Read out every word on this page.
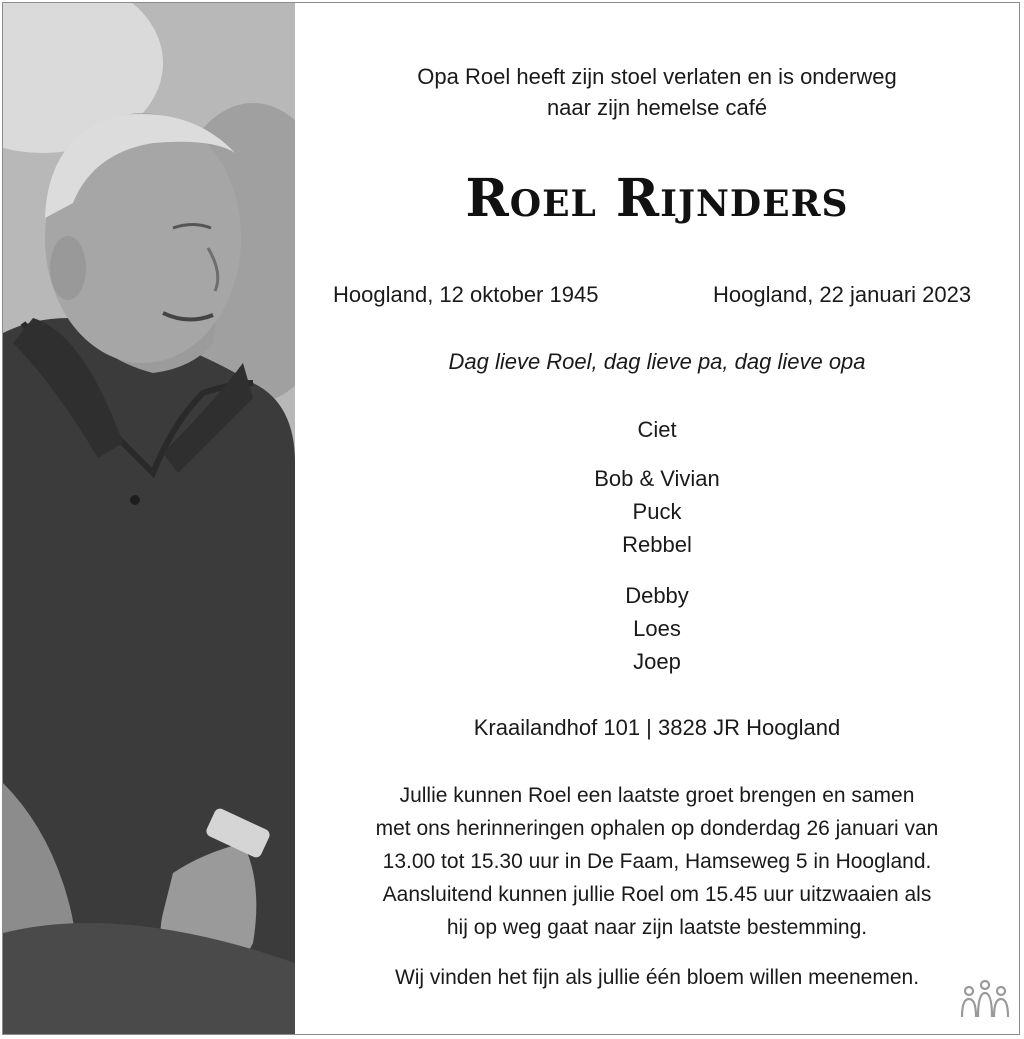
Opa Roel heeft zijn stoel verlaten en is onderweg
naar zijn hemelse café
Roel Rijnders
Hoogland, 12 oktober 1945	Hoogland, 22 januari 2023
Dag lieve Roel, dag lieve pa, dag lieve opa
Ciet
Bob & Vivian
Puck
Rebbel
Debby
Loes
Joep
Kraailandhof 101 | 3828 JR Hoogland
Jullie kunnen Roel een laatste groet brengen en samen
met ons herinneringen ophalen op donderdag 26 januari van
13.00 tot 15.30 uur in De Faam, Hamseweg 5 in Hoogland.
Aansluitend kunnen jullie Roel om 15.45 uur uitzwaaien als
hij op weg gaat naar zijn laatste bestemming.
Wij vinden het fijn als jullie één bloem willen meenemen.
